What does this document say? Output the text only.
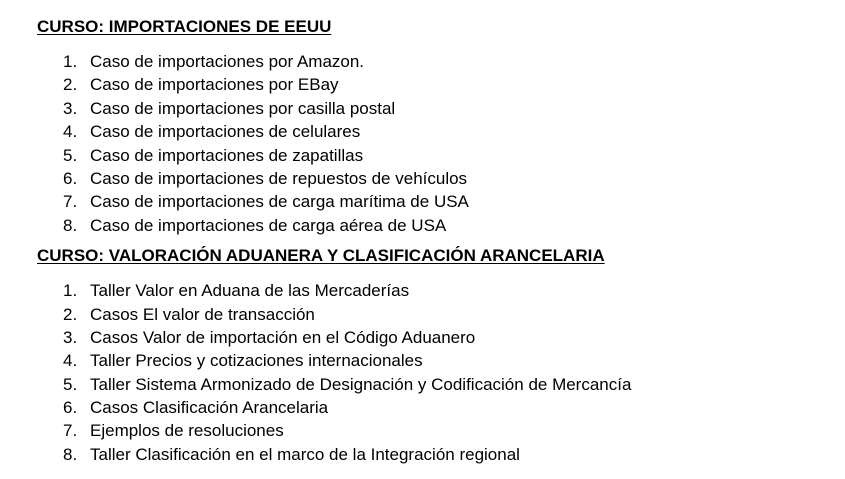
CURSO: IMPORTACIONES DE EEUU
1. Caso de importaciones por Amazon.
2. Caso de importaciones por EBay
3. Caso de importaciones por casilla postal
4. Caso de importaciones de celulares
5. Caso de importaciones de zapatillas
6. Caso de importaciones de repuestos de vehículos
7. Caso de importaciones de carga marítima de USA
8. Caso de importaciones de carga aérea de USA
CURSO: VALORACIÓN ADUANERA Y CLASIFICACIÓN ARANCELARIA
1. Taller Valor en Aduana de las Mercaderías
2. Casos El valor de transacción
3. Casos Valor de importación en el Código Aduanero
4. Taller Precios y cotizaciones internacionales
5. Taller Sistema Armonizado de Designación y Codificación de Mercancía
6. Casos Clasificación Arancelaria
7. Ejemplos de resoluciones
8. Taller Clasificación en el marco de la Integración regional
